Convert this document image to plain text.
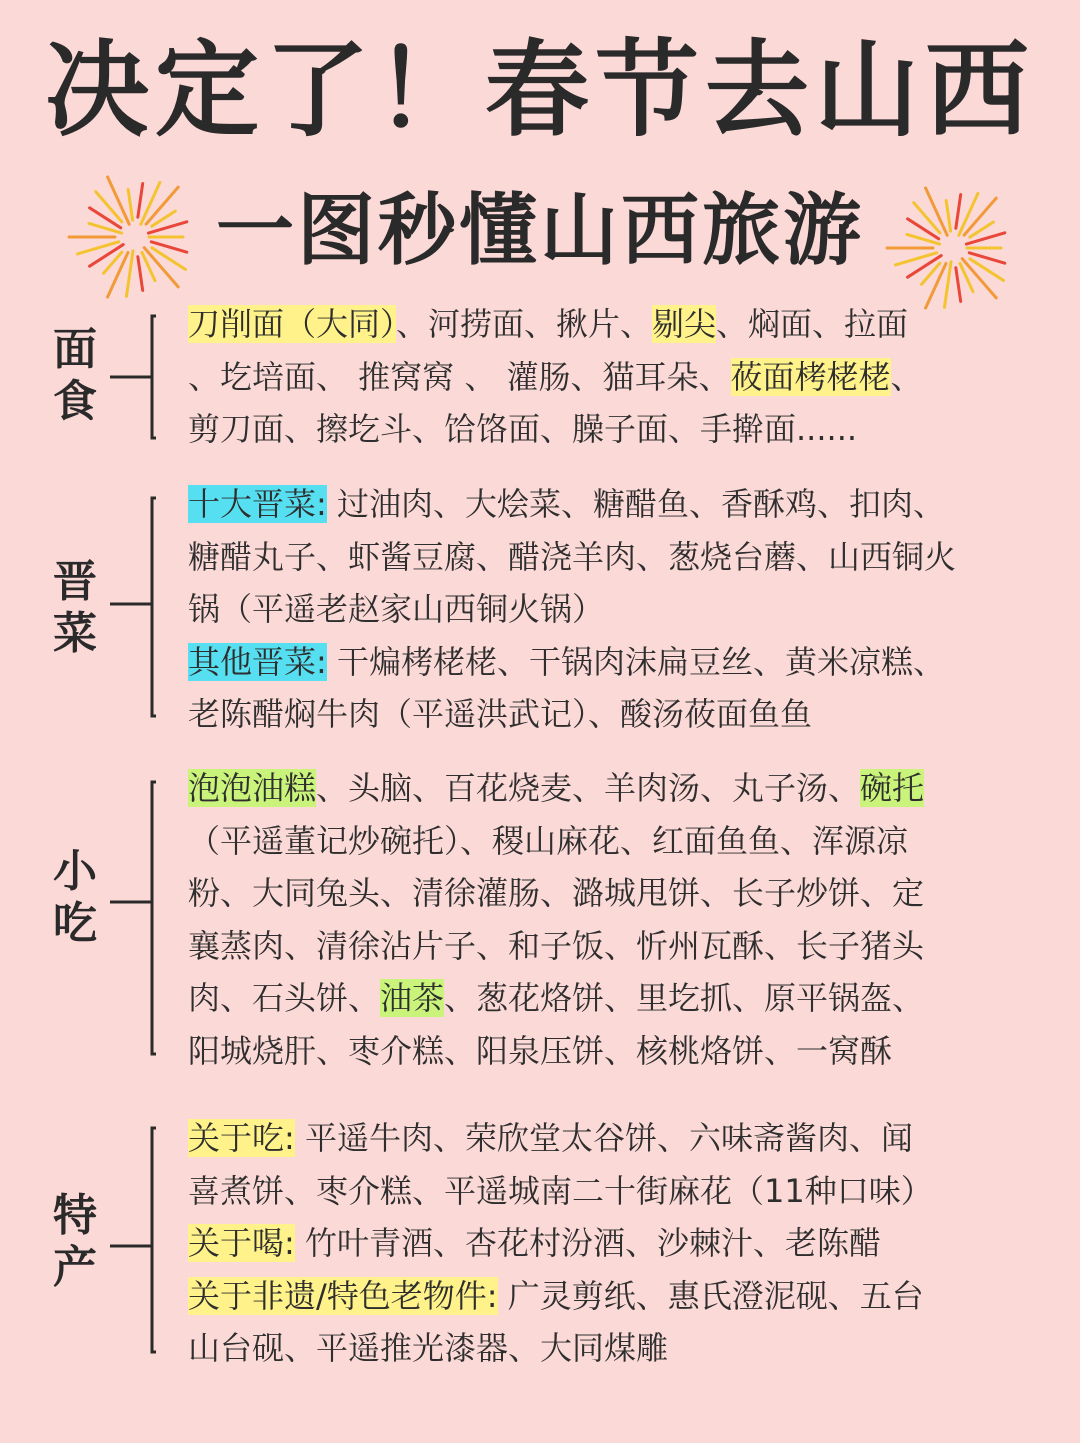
决定了！春节去山西
一图秒懂山西旅游
面
食
刀削面（大同）、河捞面、揪片、剔尖、焖面、拉面
、圪培面、 推窝窝 、 灌肠、猫耳朵、莜面栲栳栳、
剪刀面、擦圪斗、饸饹面、臊子面、手擀面......
晋
菜
十大晋菜: 过油肉、大烩菜、糖醋鱼、香酥鸡、扣肉、
糖醋丸子、虾酱豆腐、醋浇羊肉、葱烧台蘑、山西铜火
锅（平遥老赵家山西铜火锅）
其他晋菜: 干煸栲栳栳、干锅肉沫扁豆丝、黄米凉糕、
老陈醋焖牛肉（平遥洪武记）、酸汤莜面鱼鱼
小
吃
泡泡油糕、头脑、百花烧麦、羊肉汤、丸子汤、碗托
（平遥董记炒碗托）、稷山麻花、红面鱼鱼、浑源凉
粉、大同兔头、清徐灌肠、潞城甩饼、长子炒饼、定
襄蒸肉、清徐沾片子、和子饭、忻州瓦酥、长子猪头
肉、石头饼、油茶、葱花烙饼、里圪抓、原平锅盔、
阳城烧肝、枣介糕、阳泉压饼、核桃烙饼、一窝酥
特
产
关于吃: 平遥牛肉、荣欣堂太谷饼、六味斋酱肉、闻
喜煮饼、枣介糕、平遥城南二十街麻花（11种口味）
关于喝: 竹叶青酒、杏花村汾酒、沙棘汁、老陈醋
关于非遗/特色老物件: 广灵剪纸、惠氏澄泥砚、五台
山台砚、平遥推光漆器、大同煤雕
